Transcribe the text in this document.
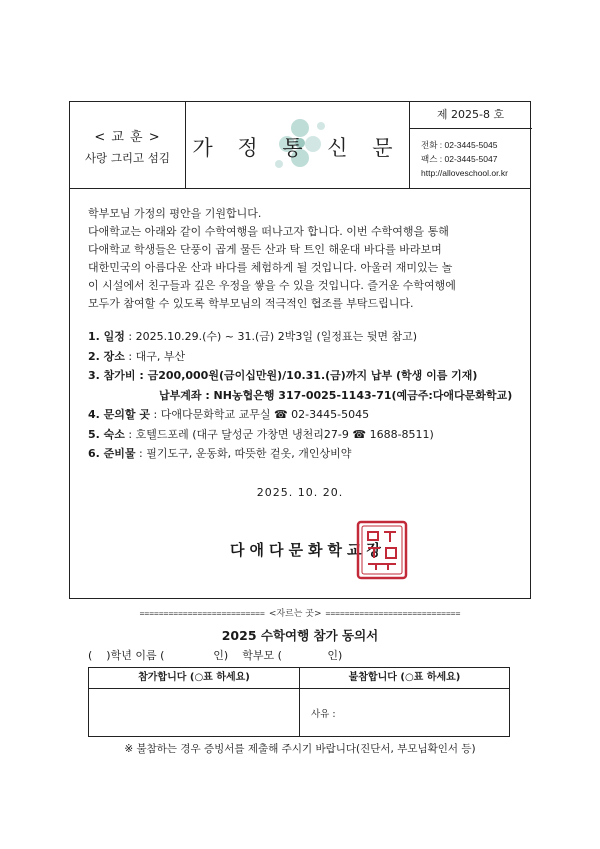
< 교 훈 >
사랑 그리고 섬김	가 정 통 신 문
제 2025-8 호
전화 : 02-3445-5045
팩스 : 02-3445-5047
http://alloveschool.or.kr

학부모님 가정의 평안을 기원합니다.

다애학교는 아래와 같이 수학여행을 떠나고자 합니다. 이번 수학여행을 통해

다애학교 학생들은 단풍이 곱게 물든 산과 탁 트인 해운대 바다를 바라보며

대한민국의 아름다운 산과 바다를 체험하게 될 것입니다. 아울러 재미있는 놀

이 시설에서 친구들과 깊은 우정을 쌓을 수 있을 것입니다. 즐거운 수학여행에

모두가 참여할 수 있도록 학부모님의 적극적인 협조를 부탁드립니다.

1. 일정 : 2025.10.29.(수) ~ 31.(금) 2박3일 (일정표는 뒷면 참고)
2. 장소 : 대구, 부산
3. 참가비 : 금200,000원(금이십만원)/10.31.(금)까지 납부 (학생 이름 기재)
납부계좌 : NH농협은행 317-0025-1143-71(예금주:다애다문화학교)
4. 문의할 곳 : 다애다문화학교 교무실 ☎ 02-3445-5045
5. 숙소 : 호텔드포레 (대구 달성군 가창면 냉천리27-9 ☎ 1688-8511)
6. 준비물 : 필기도구, 운동화, 따뜻한 겉옷, 개인상비약
2025. 10. 20.
다애다문화학교장
========================== <자르는 곳> ============================
2025 수학여행 참가 동의서
(    )학년 이름 (              인)    학부모 (             인)
참가합니다 (○표 하세요)	불참합니다 (○표 하세요)
사유 :
※ 불참하는 경우 증빙서를 제출해 주시기 바랍니다(진단서, 부모님확인서 등)
